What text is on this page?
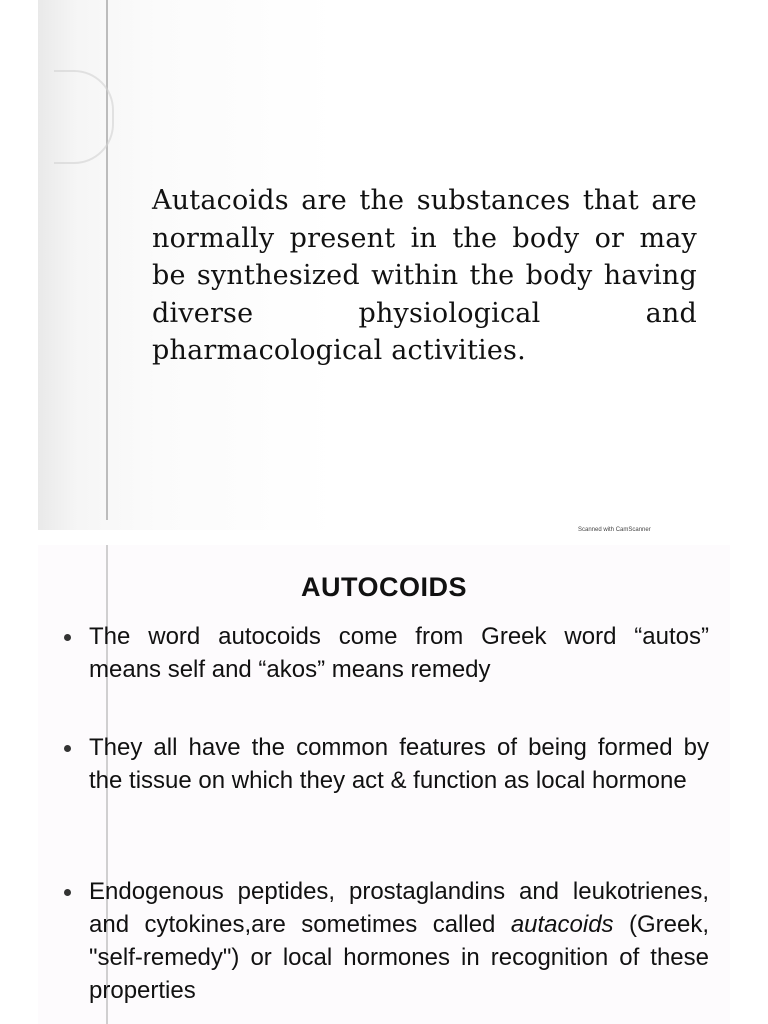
Autacoids are the substances that are normally present in the body or may be synthesized within the body having diverse physiological and pharmacological activities.

Scanned with CamScanner
AUTOCOIDS
The word autocoids come from Greek word “autos” means self and “akos” means remedy
They all have the common features of being formed by the tissue on which they act & function as local hormone
Endogenous peptides, prostaglandins and leukotrienes, and cytokines,are sometimes called autacoids (Greek, "self-remedy") or local hormones in recognition of these properties
